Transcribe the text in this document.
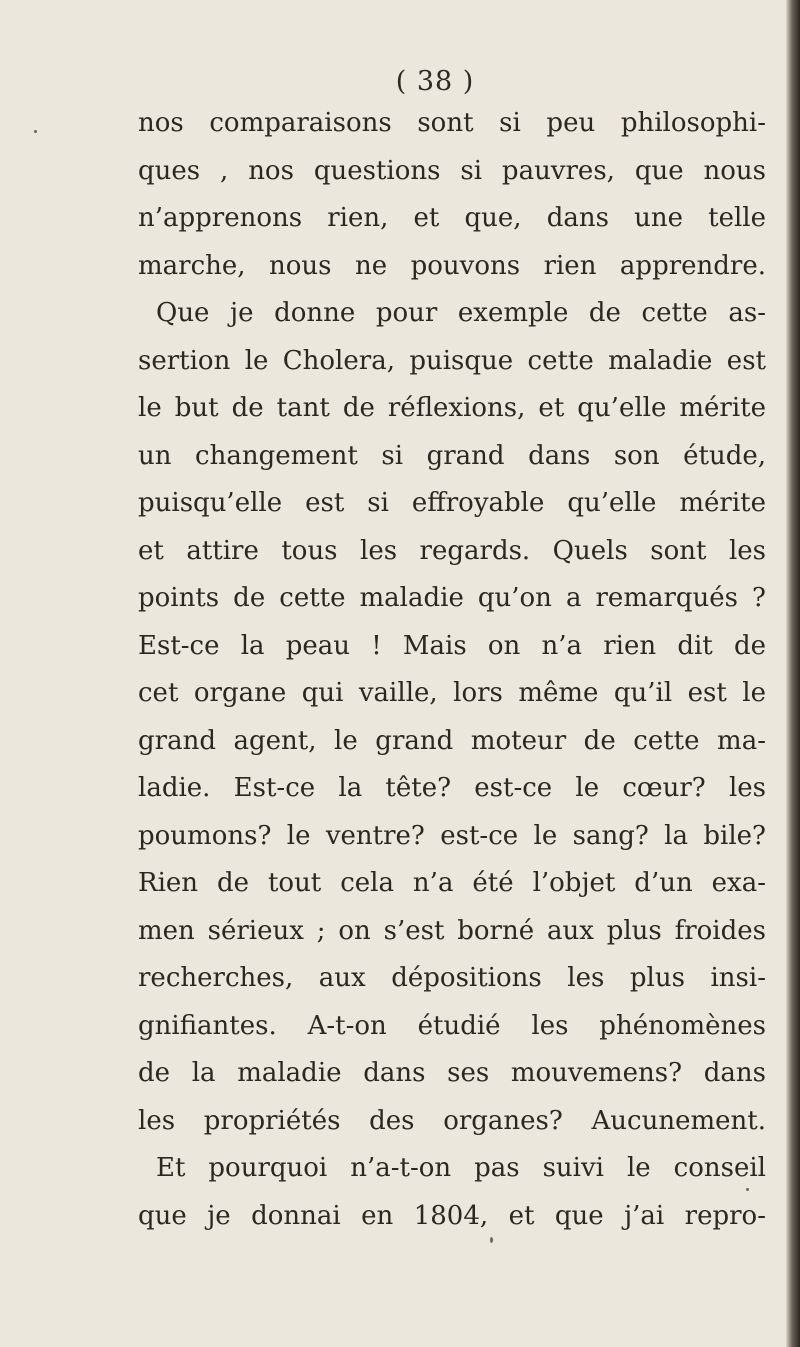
( 38 )
nos comparaisons sont si peu philosophi-
ques , nos questions si pauvres, que nous
n’apprenons rien, et que, dans une telle
marche, nous ne pouvons rien apprendre.
Que je donne pour exemple de cette as-
sertion le Cholera, puisque cette maladie est
le but de tant de réflexions, et qu’elle mérite
un changement si grand dans son étude,
puisqu’elle est si effroyable qu’elle mérite
et attire tous les regards. Quels sont les
points de cette maladie qu’on a remarqués ?
Est-ce la peau ! Mais on n’a rien dit de
cet organe qui vaille, lors même qu’il est le
grand agent, le grand moteur de cette ma-
ladie. Est-ce la tête? est-ce le cœur? les
poumons? le ventre? est-ce le sang? la bile?
Rien de tout cela n’a été l’objet d’un exa-
men sérieux ; on s’est borné aux plus froides
recherches, aux dépositions les plus insi-
gnifiantes. A-t-on étudié les phénomènes
de la maladie dans ses mouvemens? dans
les propriétés des organes? Aucunement.
Et pourquoi n’a-t-on pas suivi le conseil
que je donnai en 1804, et que j’ai repro-
